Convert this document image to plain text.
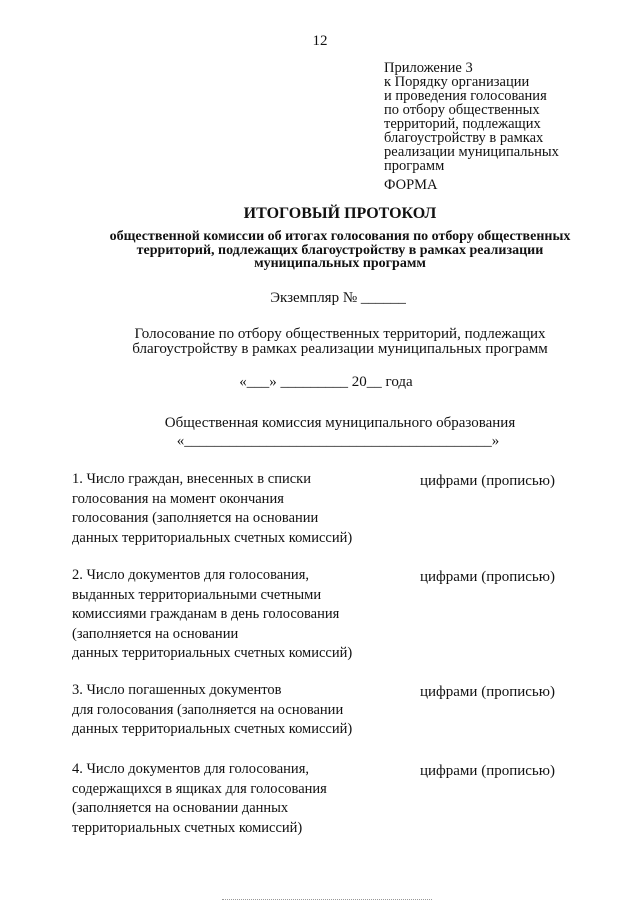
12
Приложение 3
к Порядку организации
и проведения голосования
по отбору общественных
территорий, подлежащих
благоустройству в рамках
реализации муниципальных
программ
ФОРМА
ИТОГОВЫЙ ПРОТОКОЛ
общественной комиссии об итогах голосования по отбору общественных
территорий, подлежащих благоустройству в рамках реализации
муниципальных программ
Экземпляр № ______
Голосование по отбору общественных территорий, подлежащих
благоустройству в рамках реализации муниципальных программ
«___» _________ 20__ года
Общественная комиссия муниципального образования
«_________________________________________»
1. Число граждан, внесенных в списки
голосования на момент окончания
голосования (заполняется на основании
данных территориальных счетных комиссий)
цифрами (прописью)
2. Число документов для голосования,
выданных территориальными счетными
комиссиями гражданам в день голосования
(заполняется на основании
данных территориальных счетных комиссий)
цифрами (прописью)
3. Число погашенных документов
для голосования (заполняется на основании
данных территориальных счетных комиссий)
цифрами (прописью)
4. Число документов для голосования,
содержащихся в ящиках для голосования
(заполняется на основании данных
территориальных счетных комиссий)
цифрами (прописью)
